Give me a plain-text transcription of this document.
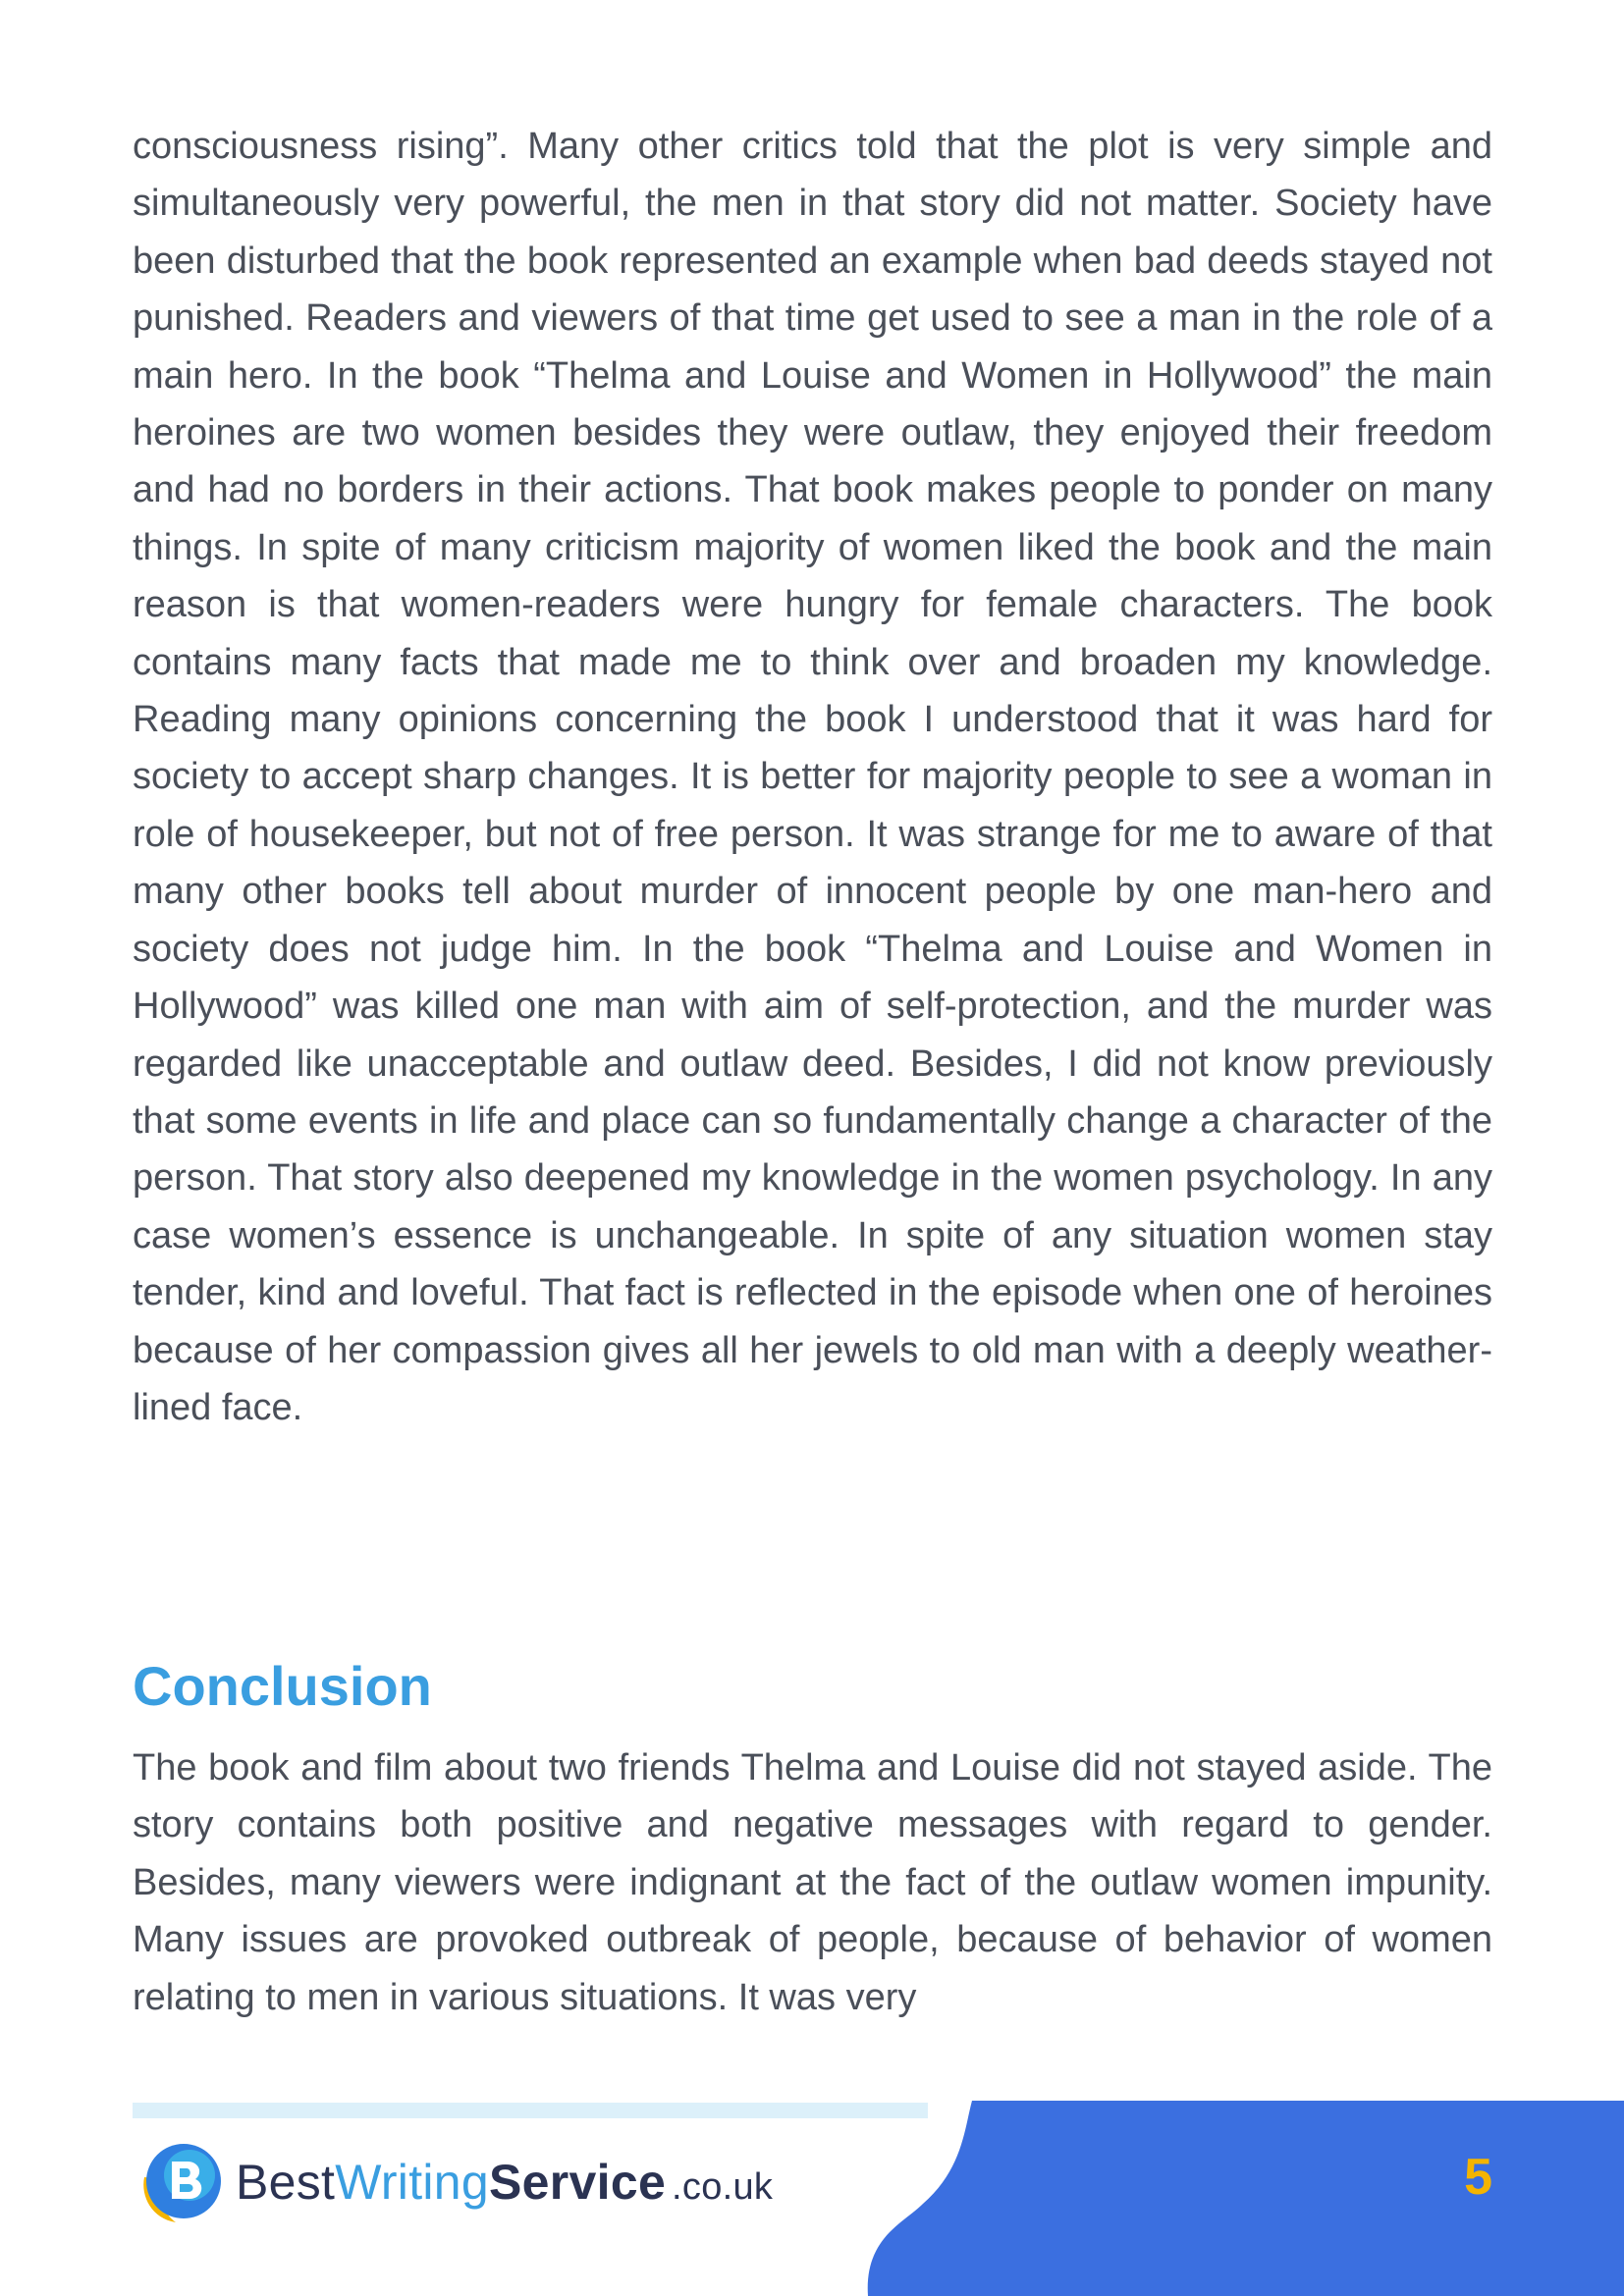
consciousness rising”. Many other critics told that the plot is very simple and simultaneously very powerful, the men in that story did not matter. Society have been disturbed that the book represented an example when bad deeds stayed not punished. Readers and viewers of that time get used to see a man in the role of a main hero. In the book “Thelma and Louise and Women in Hollywood” the main heroines are two women besides they were outlaw, they enjoyed their freedom and had no borders in their actions. That book makes people to ponder on many things. In spite of many criticism majority of women liked the book and the main reason is that women-readers were hungry for female characters. The book contains many facts that made me to think over and broaden my knowledge. Reading many opinions concerning the book I understood that it was hard for society to accept sharp changes. It is better for majority people to see a woman in role of housekeeper, but not of free person. It was strange for me to aware of that many other books tell about murder of innocent people by one man-hero and society does not judge him. In the book “Thelma and Louise and Women in Hollywood” was killed one man with aim of self-protection, and the murder was regarded like unacceptable and outlaw deed. Besides, I did not know previously that some events in life and place can so fundamentally change a character of the person. That story also deepened my knowledge in the women psychology. In any case women’s essence is unchangeable. In spite of any situation women stay tender, kind and loveful. That fact is reflected in the episode when one of heroines because of her compassion gives all her jewels to old man with a deeply weather-lined face.

Conclusion

The book and film about two friends Thelma and Louise did not stayed aside. The story contains both positive and negative messages with regard to gender. Besides, many viewers were indignant at the fact of the outlaw women impunity. Many issues are provoked outbreak of people, because of behavior of women relating to men in various situations. It was very

5
BestWritingService .co.uk
